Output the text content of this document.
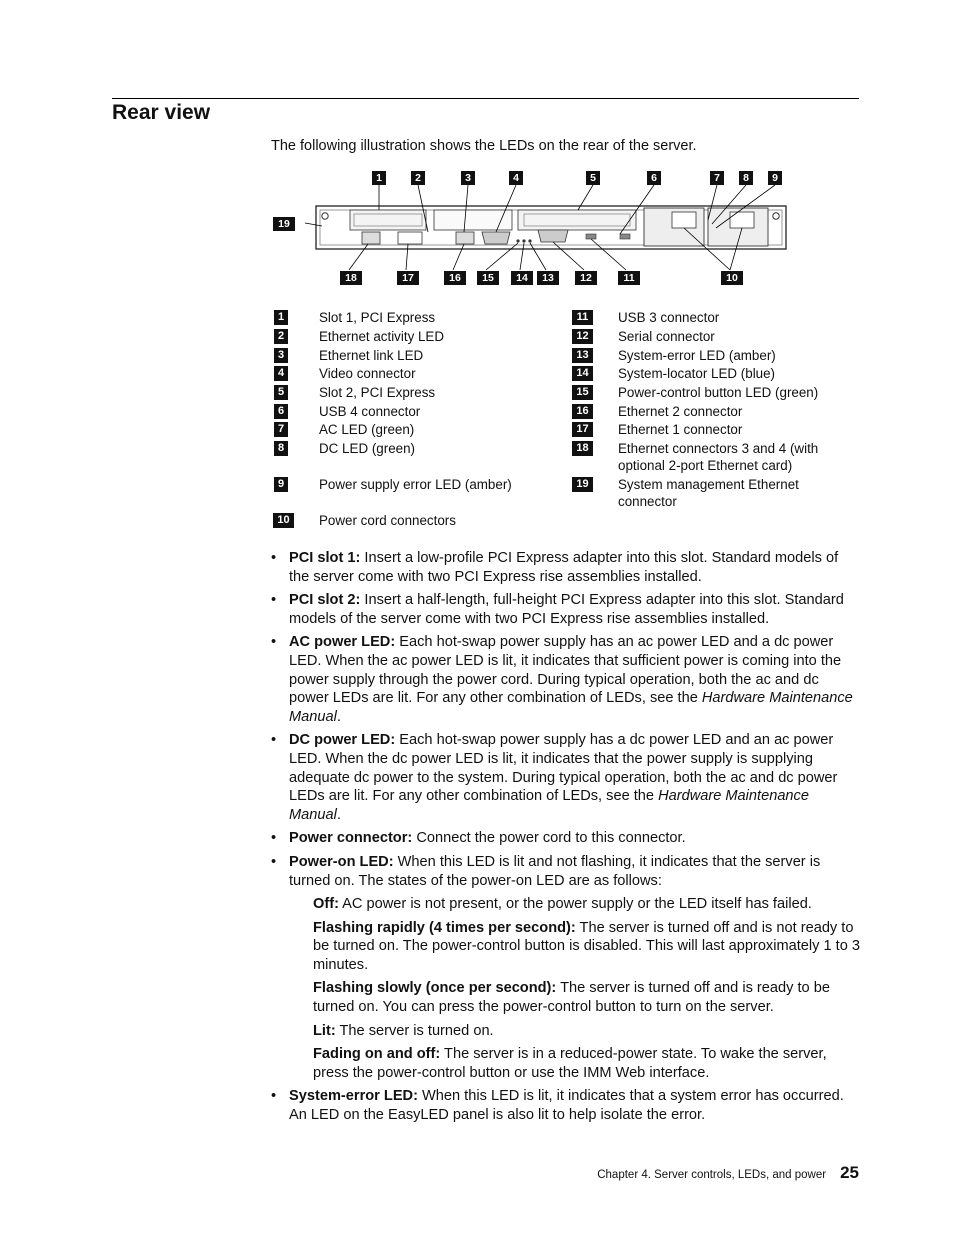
Rear view
The following illustration shows the LEDs on the rear of the server.
1	2	3	4	5	6	7	8	9
19
18	17	16	15	14	13	12	11	10
1	Slot 1, PCI Express
2	Ethernet activity LED
3	Ethernet link LED
4	Video connector
5	Slot 2, PCI Express
6	USB 4 connector
7	AC LED (green)
8	DC LED (green)
9	Power supply error LED (amber)
10	Power cord connectors
11	USB 3 connector
12	Serial connector
13	System-error LED (amber)
14	System-locator LED (blue)
15	Power-control button LED (green)
16	Ethernet 2 connector
17	Ethernet 1 connector
18	Ethernet connectors 3 and 4 (with optional 2-port Ethernet card)
19	System management Ethernet connector
• PCI slot 1: Insert a low-profile PCI Express adapter into this slot. Standard models of the server come with two PCI Express rise assemblies installed.
• PCI slot 2: Insert a half-length, full-height PCI Express adapter into this slot. Standard models of the server come with two PCI Express rise assemblies installed.
• AC power LED: Each hot-swap power supply has an ac power LED and a dc power LED. When the ac power LED is lit, it indicates that sufficient power is coming into the power supply through the power cord. During typical operation, both the ac and dc power LEDs are lit. For any other combination of LEDs, see the Hardware Maintenance Manual.
• DC power LED: Each hot-swap power supply has a dc power LED and an ac power LED. When the dc power LED is lit, it indicates that the power supply is supplying adequate dc power to the system. During typical operation, both the ac and dc power LEDs are lit. For any other combination of LEDs, see the Hardware Maintenance Manual.
• Power connector: Connect the power cord to this connector.
• Power-on LED: When this LED is lit and not flashing, it indicates that the server is turned on. The states of the power-on LED are as follows:
Off: AC power is not present, or the power supply or the LED itself has failed.
Flashing rapidly (4 times per second): The server is turned off and is not ready to be turned on. The power-control button is disabled. This will last approximately 1 to 3 minutes.
Flashing slowly (once per second): The server is turned off and is ready to be turned on. You can press the power-control button to turn on the server.
Lit: The server is turned on.
Fading on and off: The server is in a reduced-power state. To wake the server, press the power-control button or use the IMM Web interface.
• System-error LED: When this LED is lit, it indicates that a system error has occurred. An LED on the EasyLED panel is also lit to help isolate the error.
Chapter 4. Server controls, LEDs, and power 25
